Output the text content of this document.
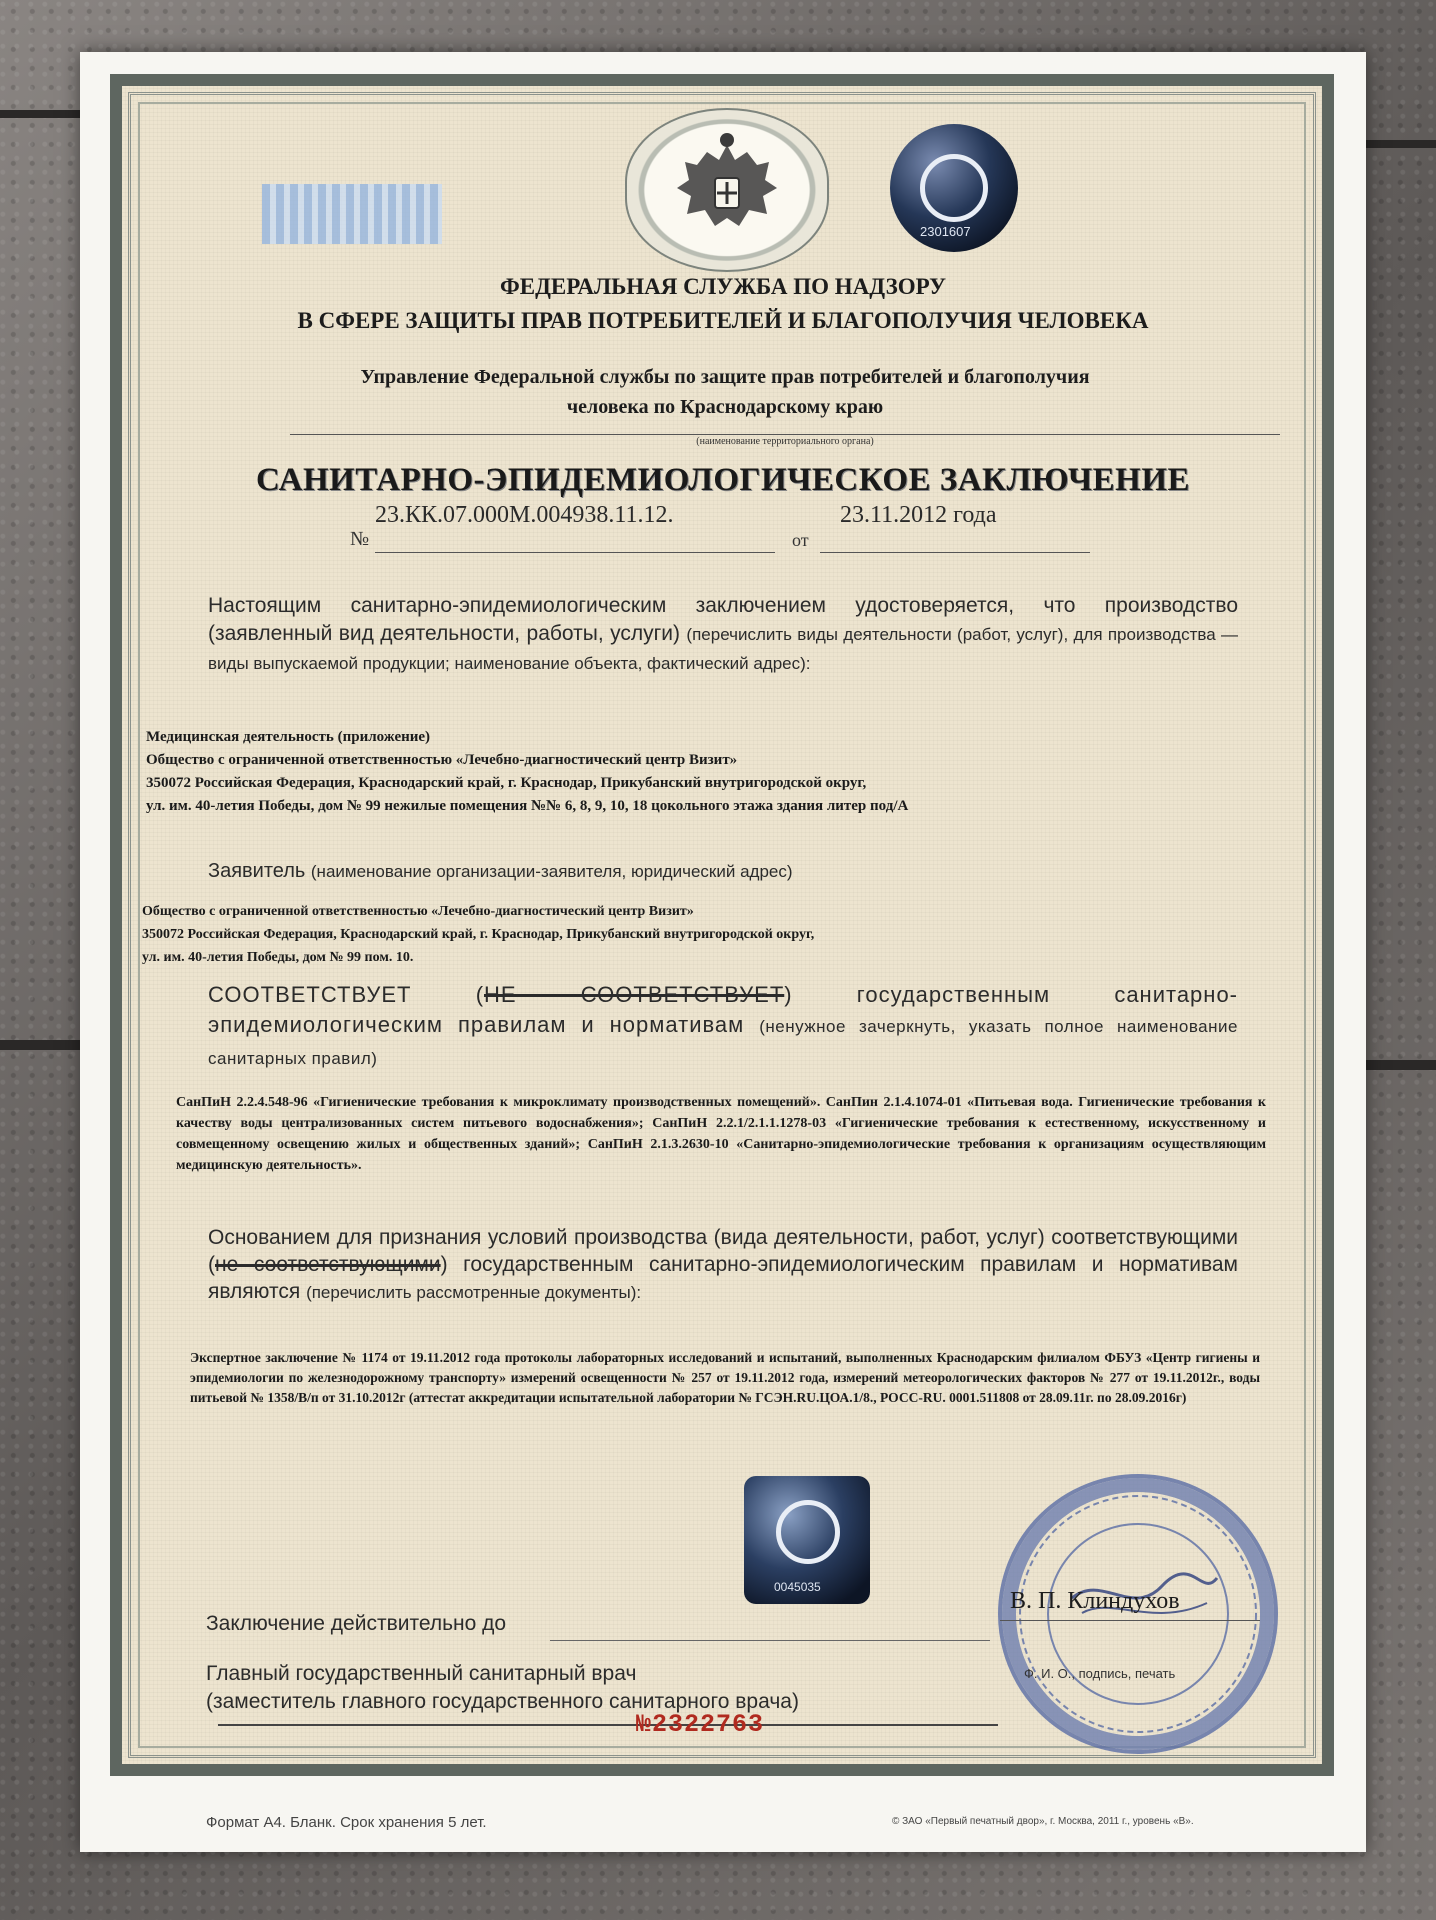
2301607

ФЕДЕРАЛЬНАЯ СЛУЖБА ПО НАДЗОРУ

В СФЕРЕ ЗАЩИТЫ ПРАВ ПОТРЕБИТЕЛЕЙ И БЛАГОПОЛУЧИЯ ЧЕЛОВЕКА

Управление Федеральной службы по защите прав потребителей и благополучия

человека по Краснодарскому краю

(наименование территориального органа)
САНИТАРНО-ЭПИДЕМИОЛОГИЧЕСКОЕ ЗАКЛЮЧЕНИЕ
23.КК.07.000М.004938.11.12.	23.11.2012 года
№	от
Настоящим санитарно-эпидемиологическим заключением удостоверяется, что производство (заявленный вид деятельности, работы, услуги) (перечислить виды деятельности (работ, услуг), для производства — виды выпускаемой продукции; наименование объекта, фактический адрес):

Медицинская деятельность (приложение)

Общество с ограниченной ответственностью «Лечебно-диагностический центр Визит»

350072 Российская Федерация, Краснодарский край, г. Краснодар, Прикубанский внутригородской округ,

ул. им. 40-летия Победы, дом № 99 нежилые помещения №№ 6, 8, 9, 10, 18 цокольного этажа здания литер под/А

Заявитель (наименование организации-заявителя, юридический адрес)

Общество с ограниченной ответственностью «Лечебно-диагностический центр Визит»

350072 Российская Федерация, Краснодарский край, г. Краснодар, Прикубанский внутригородской округ,

ул. им. 40-летия Победы, дом № 99 пом. 10.

СООТВЕТСТВУЕТ	(НЕ СООТВЕТСТВУЕТ) государственным санитарно-эпидемиологическим правилам и нормативам (ненужное зачеркнуть, указать полное наименование санитарных правил)
СанПиН 2.2.4.548-96 «Гигиенические требования к микроклимату производственных помещений». СанПин 2.1.4.1074-01 «Питьевая вода. Гигиенические требования к качеству воды централизованных систем питьевого водоснабжения»; СанПиН 2.2.1/2.1.1.1278-03 «Гигиенические требования к естественному, искусственному и совмещенному освещению жилых и общественных зданий»; СанПиН 2.1.3.2630-10 «Санитарно-эпидемиологические требования к организациям осуществляющим медицинскую деятельность».
Основанием для признания условий производства (вида деятельности, работ, услуг) соответствующими (не соответствующими) государственным санитарно-эпидемиологическим правилам и нормативам являются (перечислить рассмотренные документы):
Экспертное заключение № 1174 от 19.11.2012 года протоколы лабораторных исследований и испытаний, выполненных Краснодарским филиалом ФБУЗ «Центр гигиены и эпидемиологии по железнодорожному транспорту» измерений освещенности № 257 от 19.11.2012 года, измерений метеорологических факторов № 277 от 19.11.2012г., воды питьевой № 1358/В/п от 31.10.2012г (аттестат аккредитации испытательной лаборатории № ГСЭН.RU.ЦОА.1/8., РОСС-RU. 0001.511808 от 28.09.11г. по 28.09.2016г)
0045035
Заключение действительно до
Главный государственный санитарный врач
(заместитель главного государственного санитарного врача)
В. П. Клиндухов
Ф. И. О., подпись, печать
№2322763
Формат А4. Бланк. Срок хранения 5 лет.	© ЗАО «Первый печатный двор», г. Москва, 2011 г., уровень «В».
